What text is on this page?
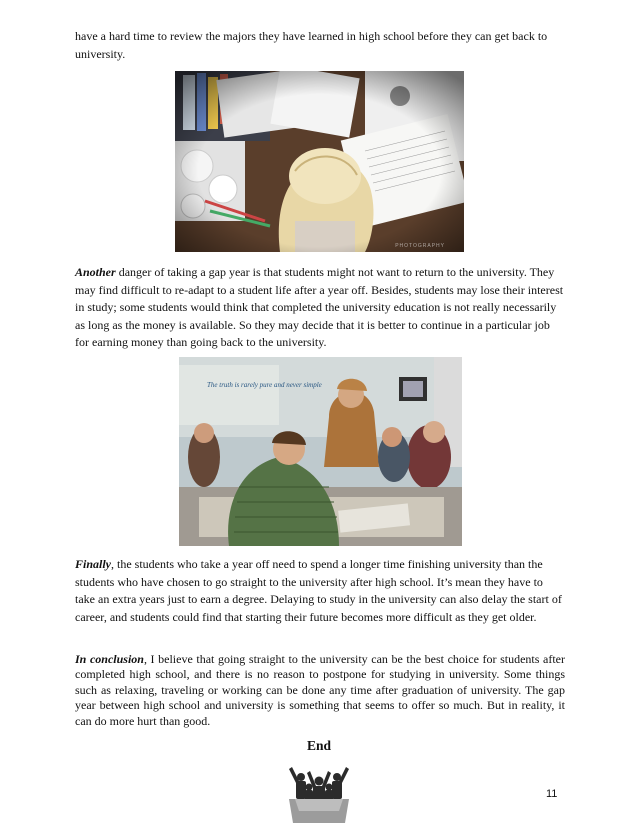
have a hard time to review the majors they have learned in high school before they can get back to university.

PHOTOGRAPHY

Another danger of taking a gap year is that students might not want to return to the university. They may find difficult to re-adapt to a student life after a year off. Besides, students may lose their interest in study; some students would think that completed the university education is not really necessarily as long as the money is available. So they may decide that it is better to continue in a particular job for earning money than going back to the university.

The truth is rarely pure and never simple

Finally, the students who take a year off need to spend a longer time finishing university than the students who have chosen to go straight to the university after high school. It’s mean they have to take an extra years just to earn a degree. Delaying to study in the university can also delay the start of career, and students could find that starting their future becomes more difficult as they get older.

In conclusion, I believe that going straight to the university can be the best choice for students after completed high school, and there is no reason to postpone for studying in university. Some things such as relaxing, traveling or working can be done any time after graduation of university. The gap year between high school and university is something that seems to offer so much. But in reality, it can do more hurt than good.

End
11
